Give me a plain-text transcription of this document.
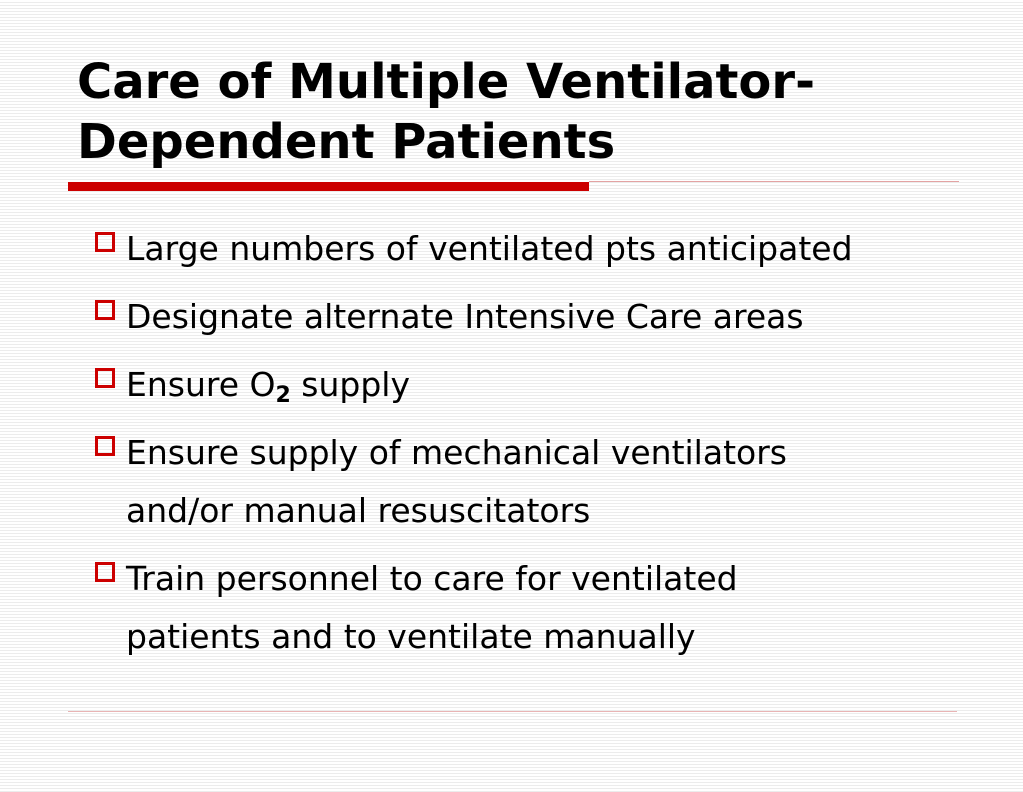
Care of Multiple Ventilator-
Dependent Patients
Large numbers of ventilated pts anticipated
Designate alternate Intensive Care areas
Ensure $O_2$ supply
Ensure supply of mechanical ventilators
and/or manual resuscitators
Train personnel to care for ventilated
patients and to ventilate manually
